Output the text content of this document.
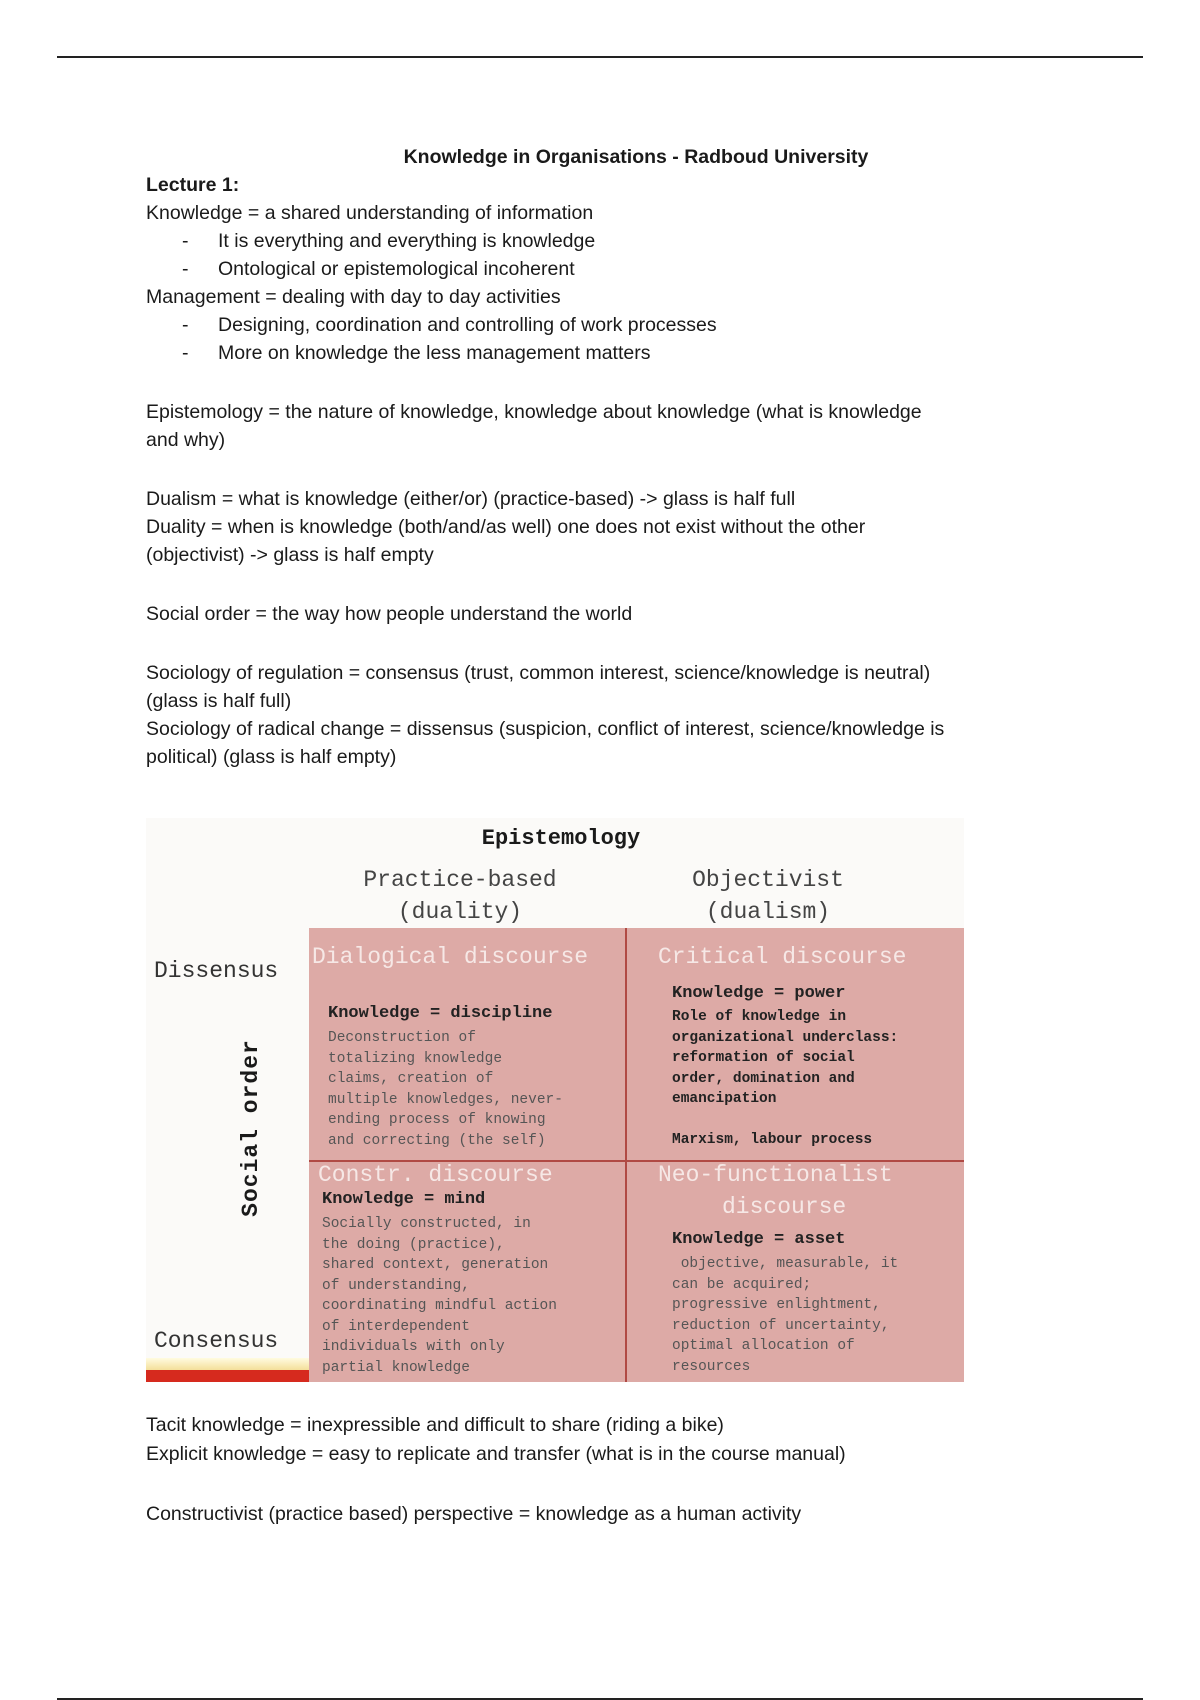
Knowledge in Organisations - Radboud University
Lecture 1:
Knowledge = a shared understanding of information
- It is everything and everything is knowledge
- Ontological or epistemological incoherent
Management = dealing with day to day activities
- Designing, coordination and controlling of work processes
- More on knowledge the less management matters
Epistemology = the nature of knowledge, knowledge about knowledge (what is knowledge
and why)
Dualism = what is knowledge (either/or) (practice-based) -> glass is half full
Duality = when is knowledge (both/and/as well) one does not exist without the other
(objectivist) -> glass is half empty
Social order = the way how people understand the world
Sociology of regulation = consensus (trust, common interest, science/knowledge is neutral)
(glass is half full)
Sociology of radical change = dissensus (suspicion, conflict of interest, science/knowledge is
political) (glass is half empty)
Epistemology
Practice-based
(duality)
Objectivist
(dualism)
Dissensus
Consensus
Social order
Dialogical discourse
Knowledge = discipline
Deconstruction of
totalizing knowledge
claims, creation of
multiple knowledges, never-
ending process of knowing
and correcting (the self)
Critical discourse
Knowledge = power
Role of knowledge in
organizational underclass:
reformation of social
order, domination and
emancipation
Marxism, labour process
Constr. discourse
Knowledge = mind
Socially constructed, in
the doing (practice),
shared context, generation
of understanding,
coordinating mindful action
of interdependent
individuals with only
partial knowledge
Neo-functionalist
discourse
Knowledge = asset
objective, measurable, it
can be acquired;
progressive enlightment,
reduction of uncertainty,
optimal allocation of
resources
Tacit knowledge = inexpressible and difficult to share (riding a bike)
Explicit knowledge = easy to replicate and transfer (what is in the course manual)
Constructivist (practice based) perspective = knowledge as a human activity
